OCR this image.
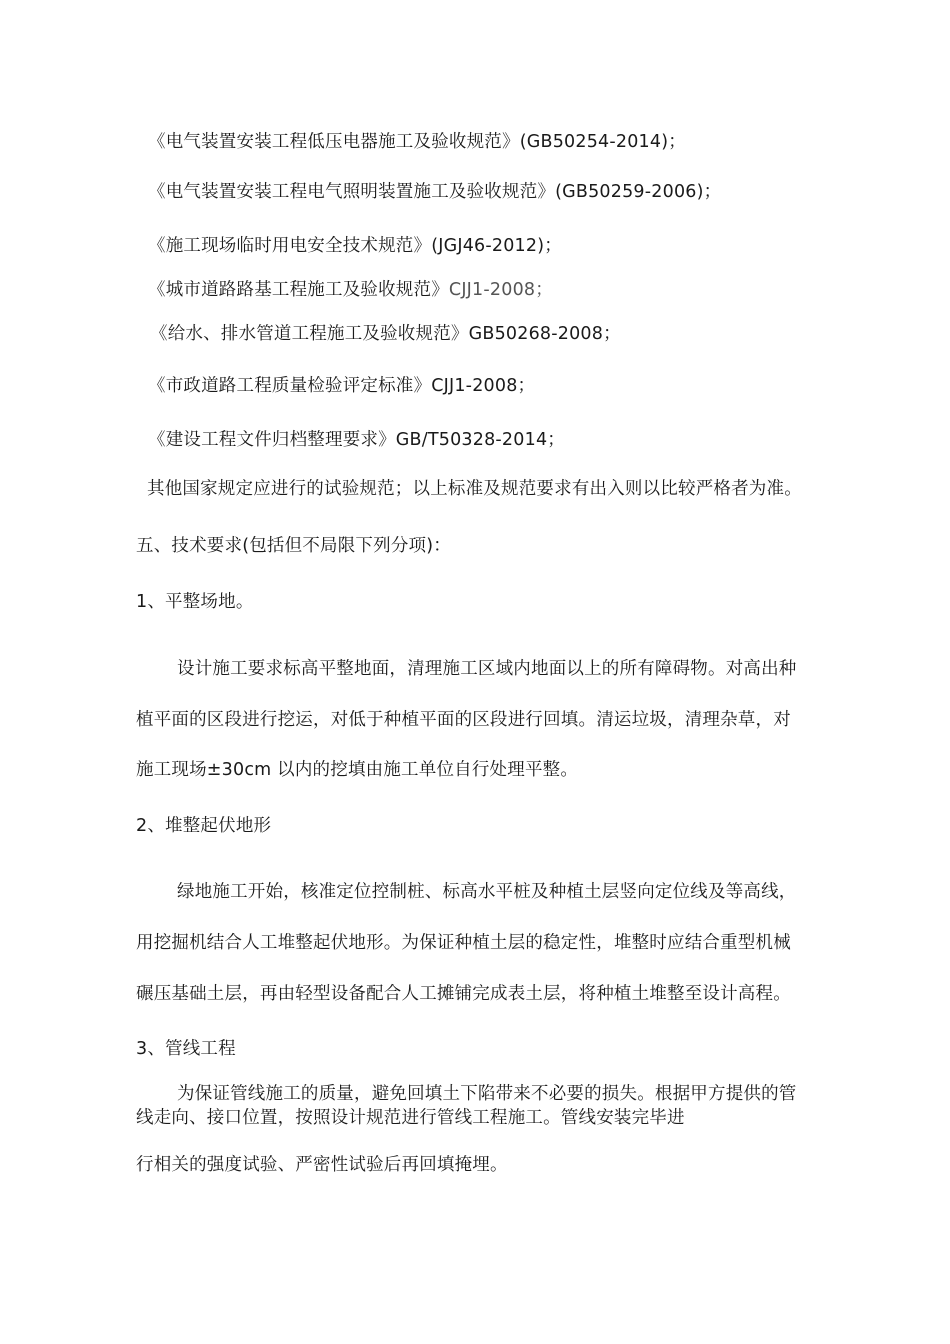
《电气装置安装工程低压电器施工及验收规范》(GB50254-2014)；
《电气装置安装工程电气照明装置施工及验收规范》(GB50259-2006)；
《施工现场临时用电安全技术规范》(JGJ46-2012)；
《城市道路路基工程施工及验收规范》CJJ1-2008；
《给水、排水管道工程施工及验收规范》GB50268-2008；
《市政道路工程质量检验评定标准》CJJ1-2008；
《建设工程文件归档整理要求》GB/T50328-2014；
其他国家规定应进行的试验规范；以上标准及规范要求有出入则以比较严格者为准。
五、技术要求(包括但不局限下列分项)：
1、平整场地。
设计施工要求标高平整地面，清理施工区域内地面以上的所有障碍物。对高出种
植平面的区段进行挖运，对低于种植平面的区段进行回填。清运垃圾，清理杂草，对
施工现场±30cm 以内的挖填由施工单位自行处理平整。
2、堆整起伏地形
绿地施工开始，核准定位控制桩、标高水平桩及种植土层竖向定位线及等高线，
用挖掘机结合人工堆整起伏地形。为保证种植土层的稳定性，堆整时应结合重型机械
碾压基础土层，再由轻型设备配合人工摊铺完成表土层，将种植土堆整至设计高程。
3、管线工程
为保证管线施工的质量，避免回填土下陷带来不必要的损失。根据甲方提供的管
线走向、接口位置，按照设计规范进行管线工程施工。管线安装完毕进
行相关的强度试验、严密性试验后再回填掩埋。
